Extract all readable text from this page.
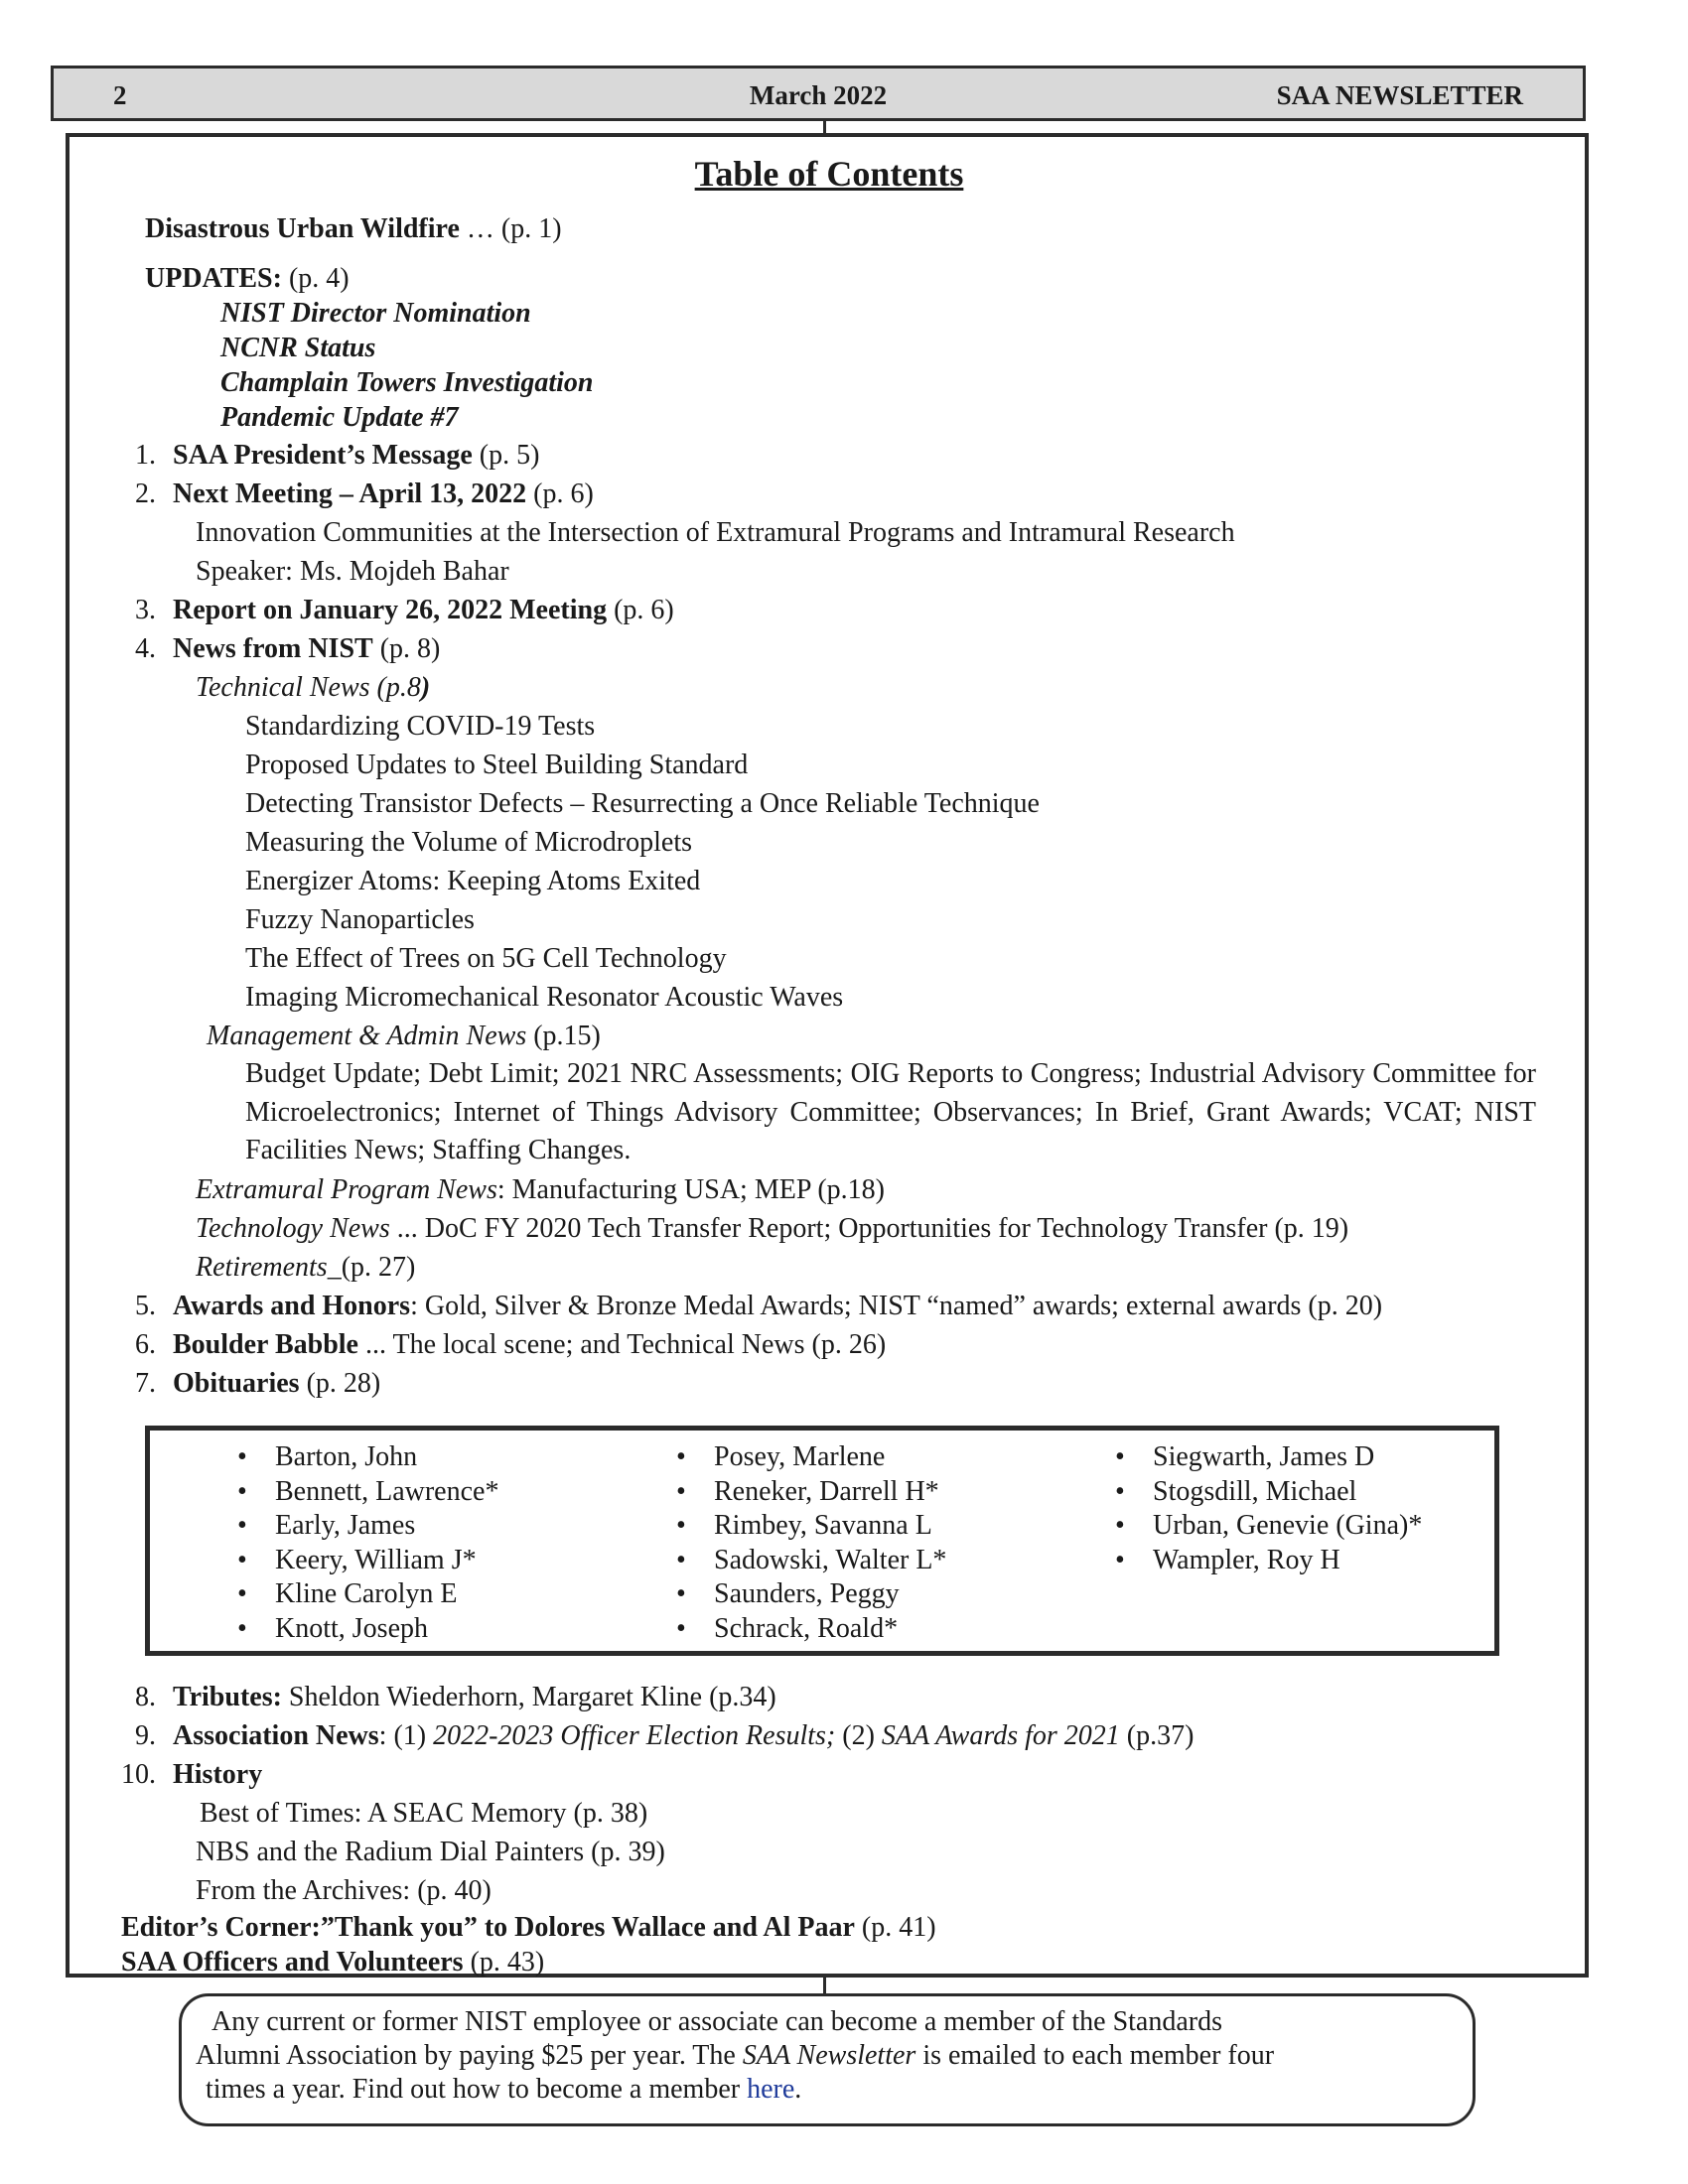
2	March 2022	SAA NEWSLETTER
Table of Contents
Disastrous Urban Wildfire … (p. 1)
UPDATES: (p. 4)
NIST Director Nomination
NCNR Status
Champlain Towers Investigation
Pandemic Update #7
1. SAA President’s Message (p. 5)
2. Next Meeting – April 13, 2022 (p. 6)
Innovation Communities at the Intersection of Extramural Programs and Intramural Research
Speaker: Ms. Mojdeh Bahar
3. Report on January 26, 2022 Meeting (p. 6)
4. News from NIST (p. 8)
Technical News (p.8)
Standardizing COVID-19 Tests
Proposed Updates to Steel Building Standard
Detecting Transistor Defects – Resurrecting a Once Reliable Technique
Measuring the Volume of Microdroplets
Energizer Atoms: Keeping Atoms Exited
Fuzzy Nanoparticles
The Effect of Trees on 5G Cell Technology
Imaging Micromechanical Resonator Acoustic Waves
Management & Admin News (p.15)
Budget Update; Debt Limit; 2021 NRC Assessments; OIG Reports to Congress; Industrial Advisory Committee for Microelectronics; Internet of Things Advisory Committee; Observances; In Brief, Grant Awards; VCAT; NIST Facilities News; Staffing Changes.
Extramural Program News: Manufacturing USA; MEP (p.18)
Technology News ... DoC FY 2020 Tech Transfer Report; Opportunities for Technology Transfer (p. 19)
Retirements_(p. 27)
5. Awards and Honors: Gold, Silver & Bronze Medal Awards; NIST “named” awards; external awards (p. 20)
6. Boulder Babble ... The local scene; and Technical News (p. 26)
7. Obituaries (p. 28)
8. Tributes: Sheldon Wiederhorn, Margaret Kline (p.34)
9. Association News: (1) 2022-2023 Officer Election Results; (2) SAA Awards for 2021 (p.37)
10. History
Best of Times: A SEAC Memory (p. 38)
NBS and the Radium Dial Painters (p. 39)
From the Archives: (p. 40)
Editor’s Corner:”Thank you” to Dolores Wallace and Al Paar (p. 41)
SAA Officers and Volunteers (p. 43)
• Barton, John
• Bennett, Lawrence*
• Early, James
• Keery, William J*
• Kline Carolyn E
• Knott, Joseph
• Posey, Marlene
• Reneker, Darrell H*
• Rimbey, Savanna L
• Sadowski, Walter L*
• Saunders, Peggy
• Schrack, Roald*
• Siegwarth, James D
• Stogsdill, Michael
• Urban, Genevie (Gina)*
• Wampler, Roy H
Any current or former NIST employee or associate can become a member of the Standards
Alumni Association by paying $25 per year. The SAA Newsletter is emailed to each member four
times a year. Find out how to become a member here.
